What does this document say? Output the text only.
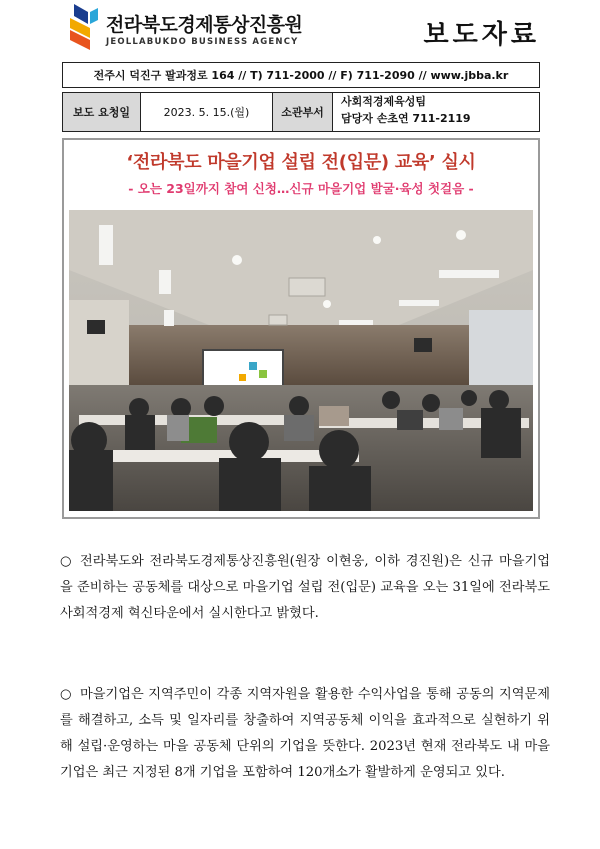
전라북도경제통상진흥원
JEOLLABUKDO BUSINESS AGENCY	보도자료
전주시 덕진구 팔과정로 164 // T) 711-2000 // F) 711-2090 // www.jbba.kr
보도 요청일	2023. 5. 15.(월)	소관부서
사회적경제육성팀
담당자 손초연 711-2119
‘전라북도 마을기업 설립 전(입문) 교육’ 실시
- 오는 23일까지 참여 신청…신규 마을기업 발굴·육성 첫걸음 -
○ 전라북도와 전라북도경제통상진흥원(원장 이현웅, 이하 경진원)은 신규 마을기업을 준비하는 공동체를 대상으로 마을기업 설립 전(입문) 교육을 오는 31일에 전라북도 사회적경제 혁신타운에서 실시한다고 밝혔다.
○ 마을기업은 지역주민이 각종 지역자원을 활용한 수익사업을 통해 공동의 지역문제를 해결하고, 소득 및 일자리를 창출하여 지역공동체 이익을 효과적으로 실현하기 위해 설립·운영하는 마을 공동체 단위의 기업을 뜻한다. 2023년 현재 전라북도 내 마을기업은 최근 지정된 8개 기업을 포함하여 120개소가 활발하게 운영되고 있다.
